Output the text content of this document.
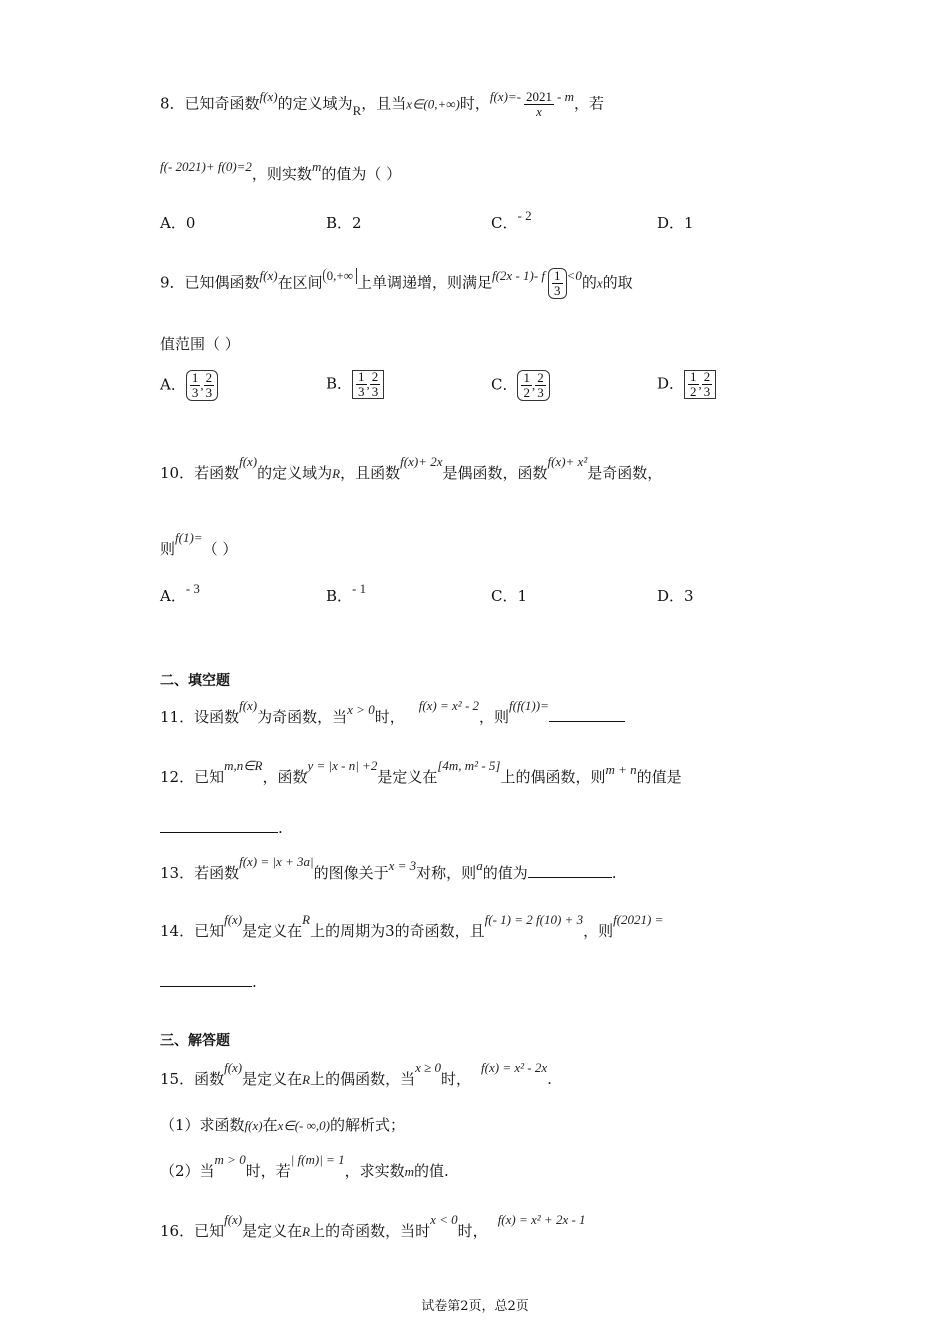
8．已知奇函数f(x)的定义域为R，且当x∈(0,+∞)时，$f(x)=- \frac{2021}{x} - m$，若
f(- 2021)+ f(0)=2，则实数m的值为（ ）
A．0	B．2	C．- 2	D．1
9．已知偶函数f(x)在区间 0,+∞ 上单调递增，则满足f(2x - 1)- f $\frac{1}{3} <0$的x的取
值范围（ ）
A． $\frac{1}{3}$ , $\frac{2}{3}$	B． $\frac{1}{3}$ , $\frac{2}{3}$	C． $\frac{1}{2}$ , $\frac{2}{3}$	D． $\frac{1}{2}$ , $\frac{2}{3}$
10．若函数f(x)的定义域为R，且函数f(x)+ 2x是偶函数，函数f(x)+ x²是奇函数，
则f(1)=（ ）
A．- 3	B．- 1	C．1	D．3
二、填空题
11．设函数f(x)为奇函数，当x > 0时，f(x) = x² - 2，则f(f(1))=
12．已知m,n∈R，函数y = |x - n| +2是定义在[4m, m² - 5]上的偶函数，则m + n的值是
.
13．若函数f(x) = |x + 3a|的图像关于x = 3对称，则a的值为	.
14．已知f(x)是定义在R上的周期为3的奇函数，且f(- 1) = 2 f(10) + 3，则f(2021) =
.
三、解答题
15．函数f(x)是定义在R上的偶函数，当x ≥ 0时，f(x) = x² - 2x.
（1）求函数f(x)在x∈(- ∞,0)的解析式；
（2）当m > 0时，若| f(m)| = 1，求实数m的值.
16．已知f(x)是定义在R上的奇函数，当时x < 0时，f(x) = x² + 2x - 1
试卷第2页，总2页
